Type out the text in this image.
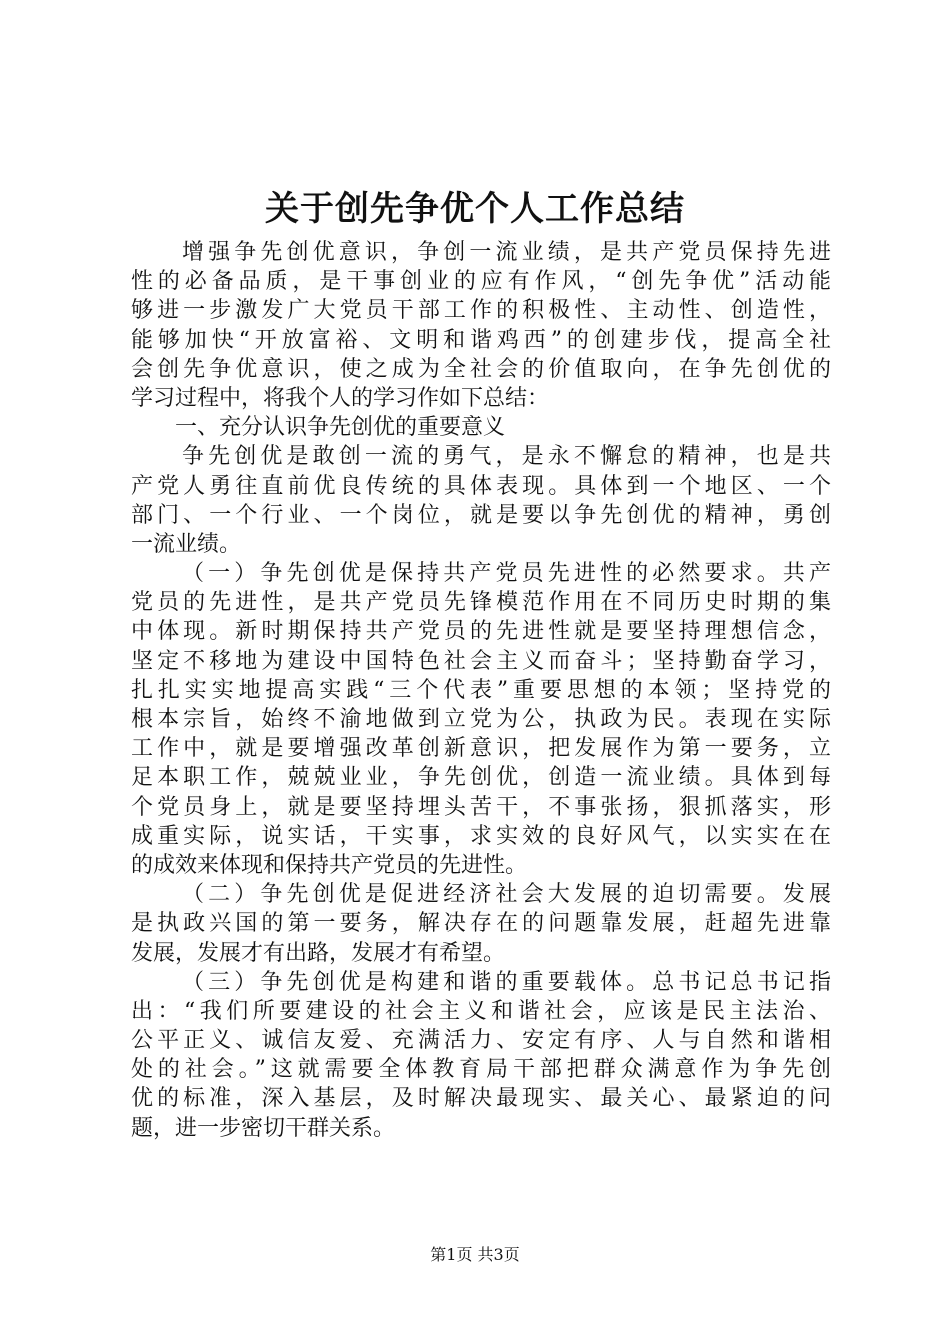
关于创先争优个人工作总结
增强争先创优意识，争创一流业绩，是共产党员保持先进
性的必备品质，是干事创业的应有作风，“创先争优”活动能
够进一步激发广大党员干部工作的积极性、主动性、创造性，
能够加快“开放富裕、文明和谐鸡西”的创建步伐，提高全社
会创先争优意识，使之成为全社会的价值取向，在争先创优的
学习过程中，将我个人的学习作如下总结：
一、充分认识争先创优的重要意义
争先创优是敢创一流的勇气，是永不懈怠的精神，也是共
产党人勇往直前优良传统的具体表现。具体到一个地区、一个
部门、一个行业、一个岗位，就是要以争先创优的精神，勇创
一流业绩。
（一）争先创优是保持共产党员先进性的必然要求。共产
党员的先进性，是共产党员先锋模范作用在不同历史时期的集
中体现。新时期保持共产党员的先进性就是要坚持理想信念，
坚定不移地为建设中国特色社会主义而奋斗；坚持勤奋学习，
扎扎实实地提高实践“三个代表”重要思想的本领；坚持党的
根本宗旨，始终不渝地做到立党为公，执政为民。表现在实际
工作中，就是要增强改革创新意识，把发展作为第一要务，立
足本职工作，兢兢业业，争先创优，创造一流业绩。具体到每
个党员身上，就是要坚持埋头苦干，不事张扬，狠抓落实，形
成重实际，说实话，干实事，求实效的良好风气，以实实在在
的成效来体现和保持共产党员的先进性。
（二）争先创优是促进经济社会大发展的迫切需要。发展
是执政兴国的第一要务，解决存在的问题靠发展，赶超先进靠
发展，发展才有出路，发展才有希望。
（三）争先创优是构建和谐的重要载体。总书记总书记指
出：“我们所要建设的社会主义和谐社会，应该是民主法治、
公平正义、诚信友爱、充满活力、安定有序、人与自然和谐相
处的社会。”这就需要全体教育局干部把群众满意作为争先创
优的标准，深入基层，及时解决最现实、最关心、最紧迫的问
题，进一步密切干群关系。
第1页 共3页
